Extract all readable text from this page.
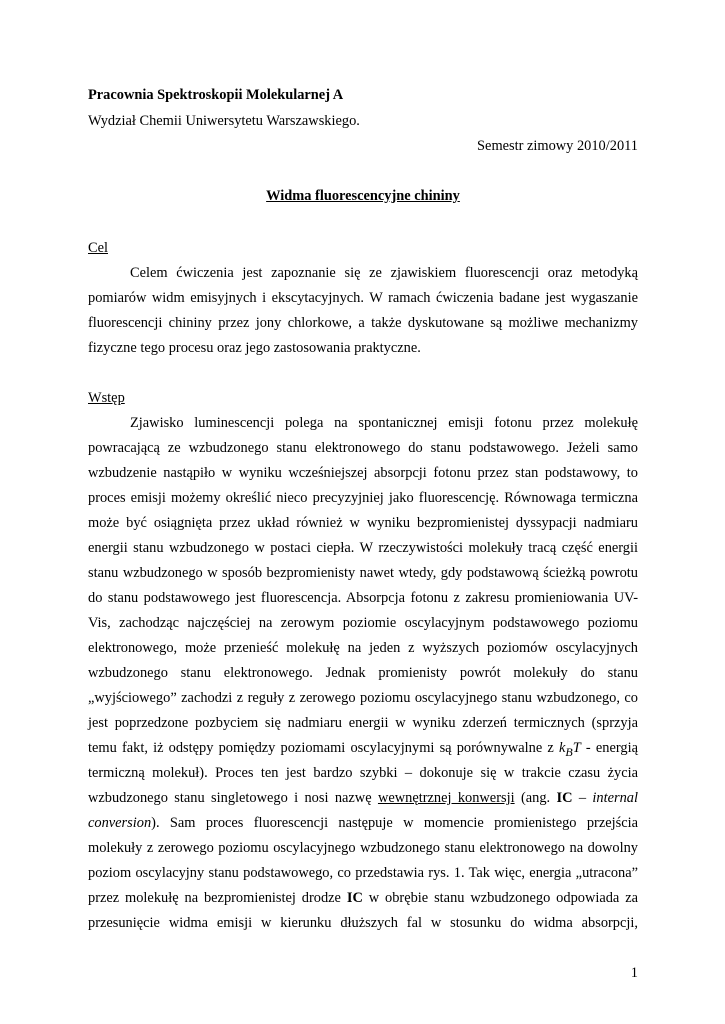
Pracownia Spektroskopii Molekularnej A
Wydział Chemii Uniwersytetu Warszawskiego.
Semestr zimowy 2010/2011
Widma fluorescencyjne chininy
Cel
Celem ćwiczenia jest zapoznanie się ze zjawiskiem fluorescencji oraz metodyką
pomiarów widm emisyjnych i ekscytacyjnych. W ramach ćwiczenia badane jest wygaszanie
fluorescencji chininy przez jony chlorkowe, a także dyskutowane są możliwe mechanizmy
fizyczne tego procesu oraz jego zastosowania praktyczne.
Wstęp
Zjawisko luminescencji polega na spontanicznej emisji fotonu przez molekułę
powracającą ze wzbudzonego stanu elektronowego do stanu podstawowego. Jeżeli samo
wzbudzenie nastąpiło w wyniku wcześniejszej absorpcji fotonu przez stan podstawowy, to
proces emisji możemy określić nieco precyzyjniej jako fluorescencję. Równowaga termiczna
może być osiągnięta przez układ również w wyniku bezpromienistej dyssypacji nadmiaru
energii stanu wzbudzonego w postaci ciepła. W rzeczywistości molekuły tracą część energii
stanu wzbudzonego w sposób bezpromienisty nawet wtedy, gdy podstawową ścieżką powrotu
do stanu podstawowego jest fluorescencja. Absorpcja fotonu z zakresu promieniowania UV-
Vis, zachodząc najczęściej na zerowym poziomie oscylacyjnym podstawowego poziomu
elektronowego, może przenieść molekułę na jeden z wyższych poziomów oscylacyjnych
wzbudzonego stanu elektronowego. Jednak promienisty powrót molekuły do stanu
„wyjściowego” zachodzi z reguły z zerowego poziomu oscylacyjnego stanu wzbudzonego, co
jest poprzedzone pozbyciem się nadmiaru energii w wyniku zderzeń termicznych (sprzyja
temu fakt, iż odstępy pomiędzy poziomami oscylacyjnymi są porównywalne z $k_BT$ - energią
termiczną molekuł). Proces ten jest bardzo szybki – dokonuje się w trakcie czasu życia
wzbudzonego stanu singletowego i nosi nazwę wewnętrznej konwersji (ang. IC – internal
conversion). Sam proces fluorescencji następuje w momencie promienistego przejścia
molekuły z zerowego poziomu oscylacyjnego wzbudzonego stanu elektronowego na dowolny
poziom oscylacyjny stanu podstawowego, co przedstawia rys. 1. Tak więc, energia „utracona”
przez molekułę na bezpromienistej drodze IC w obrębie stanu wzbudzonego odpowiada za
przesunięcie widma emisji w kierunku dłuższych fal w stosunku do widma absorpcji,
1
